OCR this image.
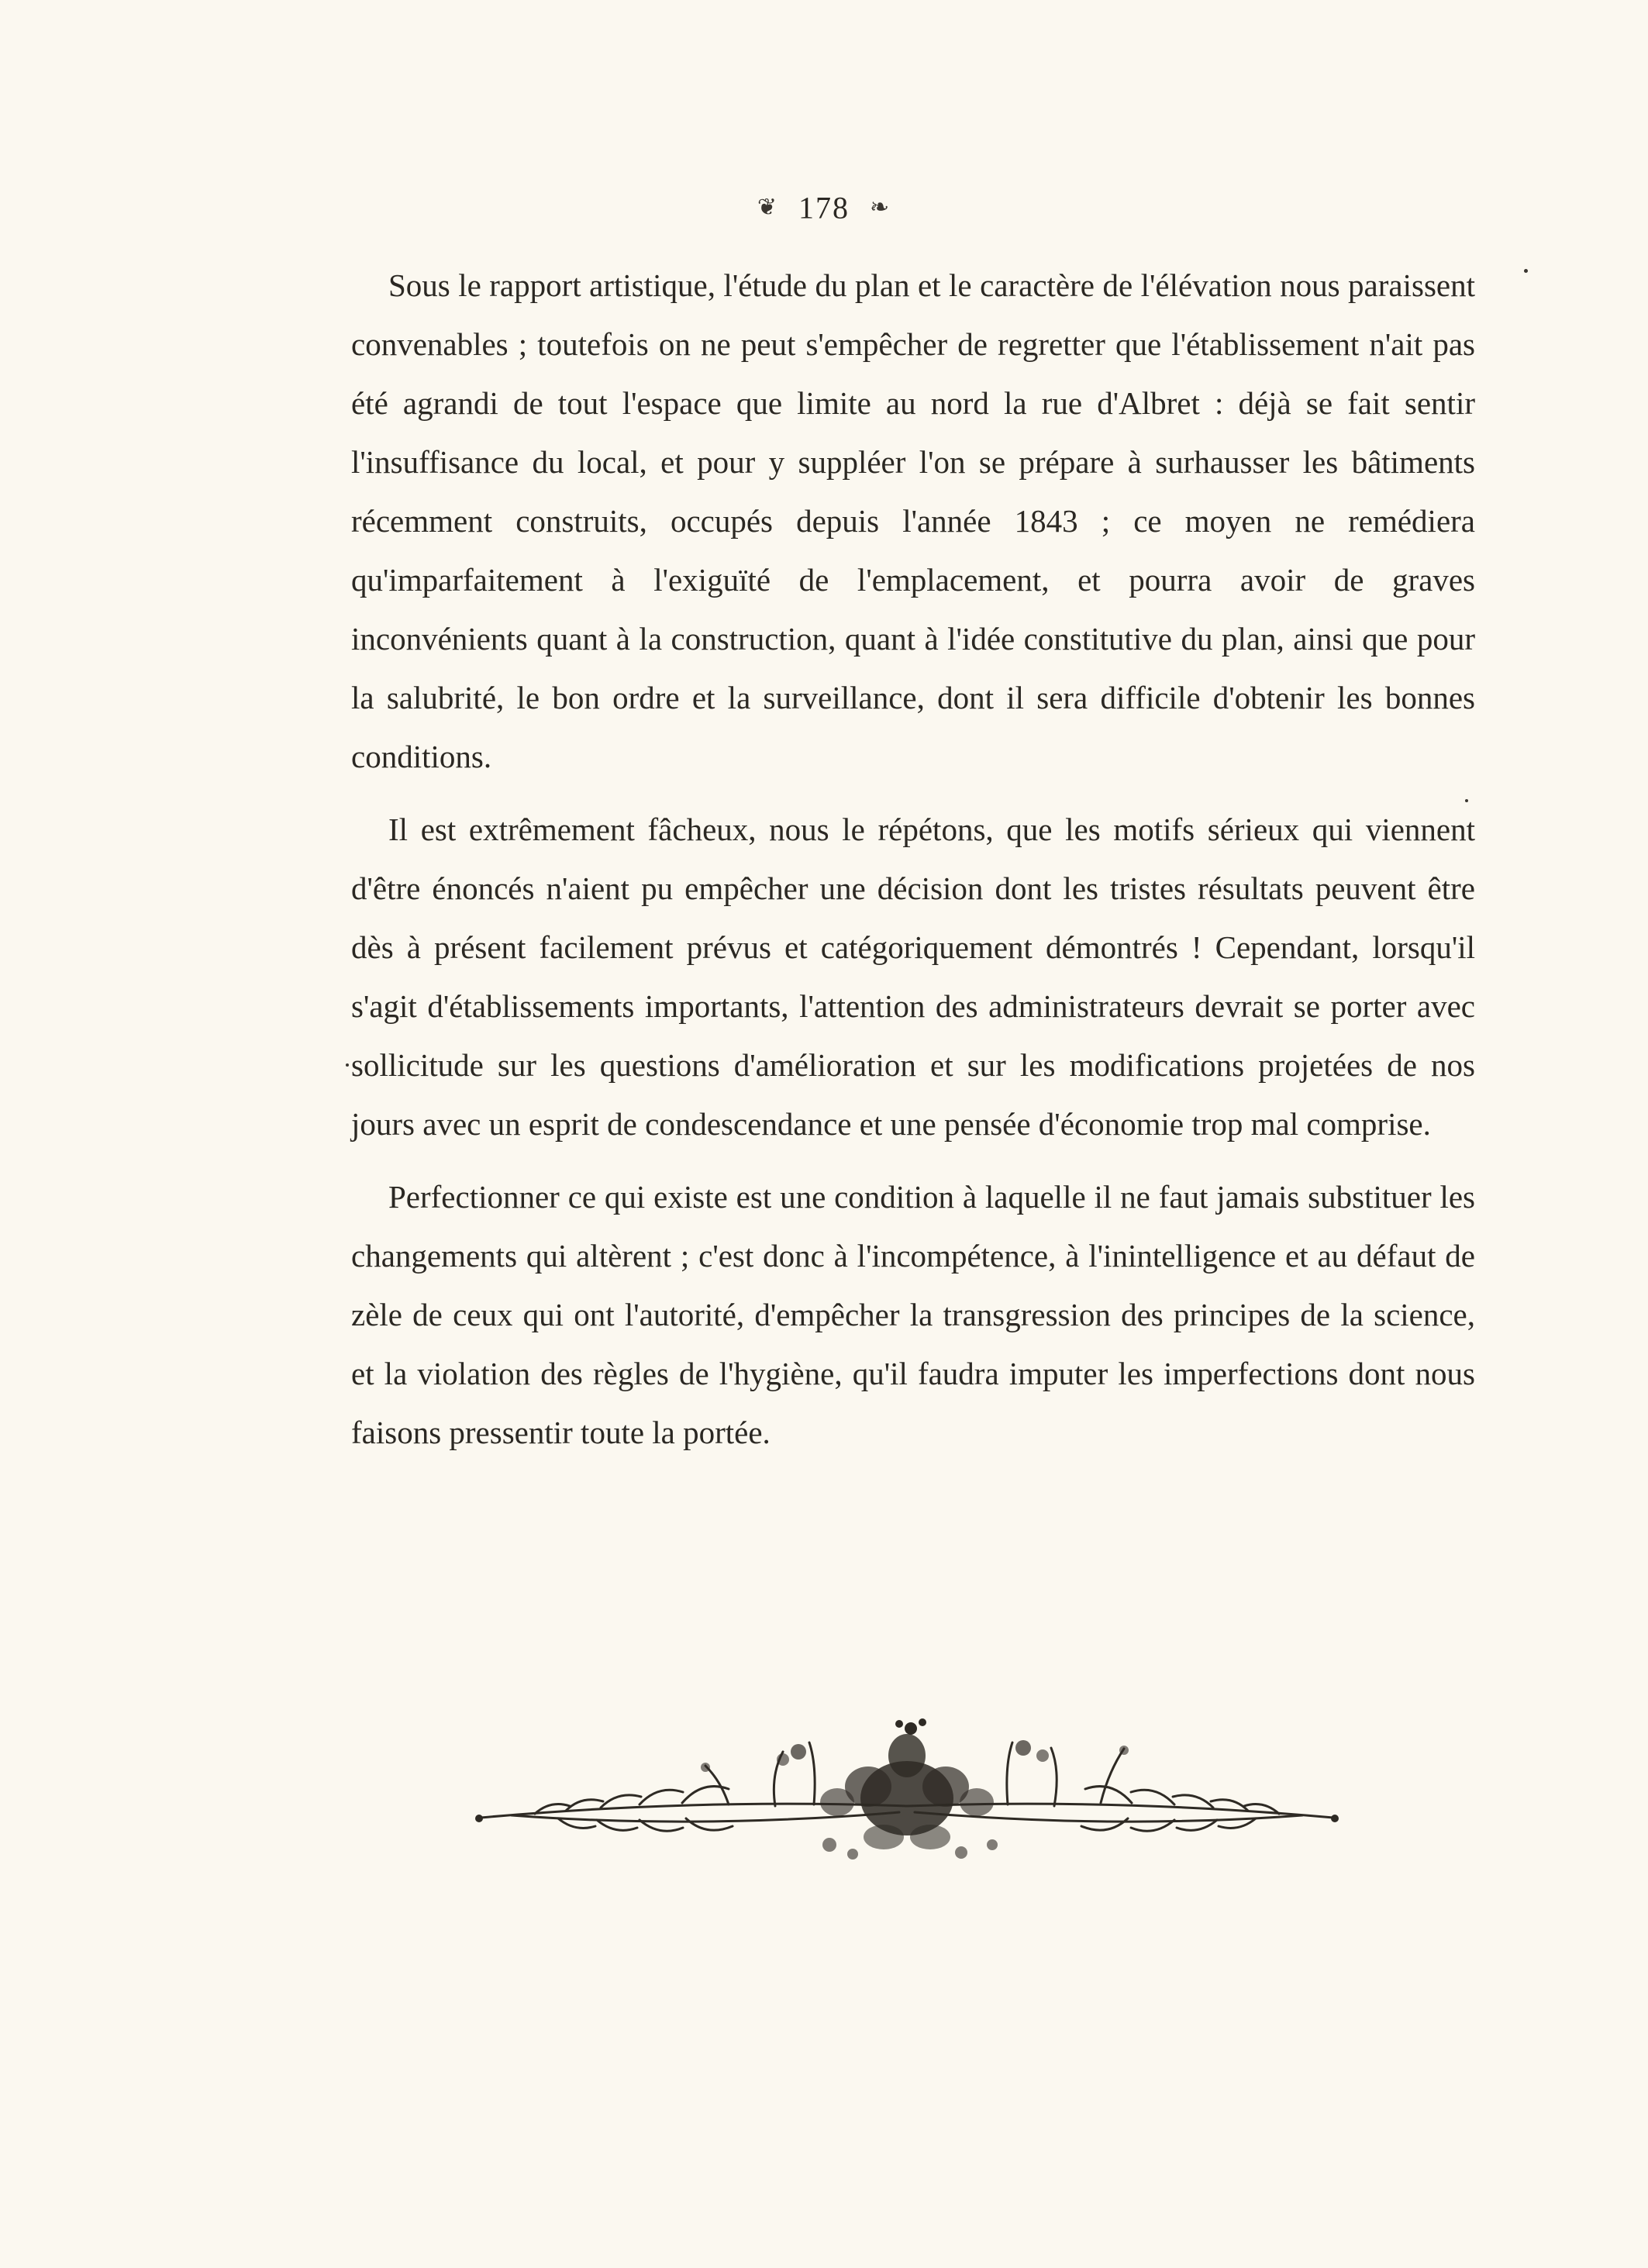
❦ 178 ❧

Sous le rapport artistique, l'étude du plan et le caractère de l'élévation nous paraissent convenables ; toutefois on ne peut s'empêcher de regretter que l'établissement n'ait pas été agrandi de tout l'espace que limite au nord la rue d'Albret : déjà se fait sentir l'insuffisance du local, et pour y suppléer l'on se prépare à surhausser les bâtiments récemment construits, occupés depuis l'année 1843 ; ce moyen ne remédiera qu'imparfaitement à l'exiguïté de l'emplacement, et pourra avoir de graves inconvénients quant à la construction, quant à l'idée constitutive du plan, ainsi que pour la salubrité, le bon ordre et la surveillance, dont il sera difficile d'obtenir les bonnes conditions.

Il est extrêmement fâcheux, nous le répétons, que les motifs sérieux qui viennent d'être énoncés n'aient pu empêcher une décision dont les tristes résultats peuvent être dès à présent facilement prévus et catégoriquement démontrés ! Cependant, lorsqu'il s'agit d'établissements importants, l'attention des administrateurs devrait se porter avec sollicitude sur les questions d'amélioration et sur les modifications projetées de nos jours avec un esprit de condescendance et une pensée d'économie trop mal comprise.

Perfectionner ce qui existe est une condition à laquelle il ne faut jamais substituer les changements qui altèrent ; c'est donc à l'incompétence, à l'inintelligence et au défaut de zèle de ceux qui ont l'autorité, d'empêcher la transgression des principes de la science, et la violation des règles de l'hygiène, qu'il faudra imputer les imperfections dont nous faisons pressentir toute la portée.
